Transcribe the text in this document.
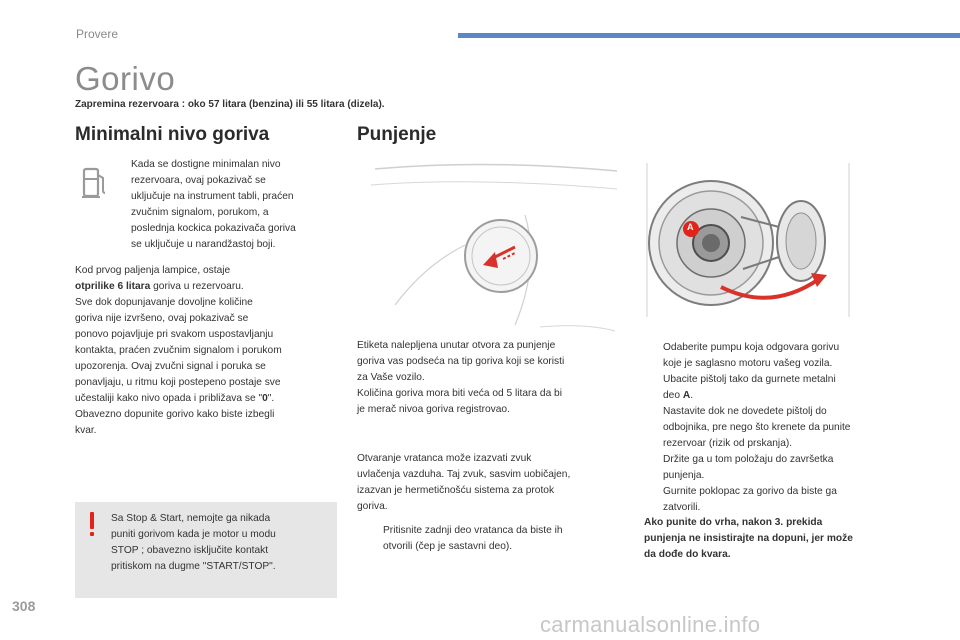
Provere
Gorivo
Zapremina rezervoara : oko 57 litara (benzina) ili 55 litara (dizela).
Minimalni nivo goriva
Kada se dostigne minimalan nivo
rezervoara, ovaj pokazivač se
uključuje na instrument tabli, praćen
zvučnim signalom, porukom, a
poslednja kockica pokazivača goriva
se uključuje u narandžastoj boji.
Kod prvog paljenja lampice, ostaje
otprilike 6 litara goriva u rezervoaru.
Sve dok dopunjavanje dovoljne količine
goriva nije izvršeno, ovaj pokazivač se
ponovo pojavljuje pri svakom uspostavljanju
kontakta, praćen zvučnim signalom i porukom
upozorenja. Ovaj zvučni signal i poruka se
ponavljaju, u ritmu koji postepeno postaje sve
učestaliji kako nivo opada i približava se "0".
Obavezno dopunite gorivo kako biste izbegli
kvar.
Sa Stop & Start, nemojte ga nikada
puniti gorivom kada je motor u modu
STOP ; obavezno isključite kontakt
pritiskom na dugme "START/STOP".
Punjenje
Etiketa nalepljena unutar otvora za punjenje
goriva vas podseća na tip goriva koji se koristi
za Vaše vozilo.
Količina goriva mora biti veća od 5 litara da bi
je merač nivoa goriva registrovao.
Otvaranje vratanca može izazvati zvuk
uvlačenja vazduha. Taj zvuk, sasvim uobičajen,
izazvan je hermetičnošću sistema za protok
goriva.
Pritisnite zadnji deo vratanca da biste ih
otvorili (čep je sastavni deo).
A
Odaberite pumpu koja odgovara gorivu
koje je saglasno motoru vašeg vozila.
Ubacite pištolj tako da gurnete metalni
deo A.
Nastavite dok ne dovedete pištolj do
odbojnika, pre nego što krenete da punite
rezervoar (rizik od prskanja).
Držite ga u tom položaju do završetka
punjenja.
Gurnite poklopac za gorivo da biste ga
zatvorili.
Ako punite do vrha, nakon 3. prekida
punjenja ne insistirajte na dopuni, jer može
da dođe do kvara.
308
carmanualsonline.info
